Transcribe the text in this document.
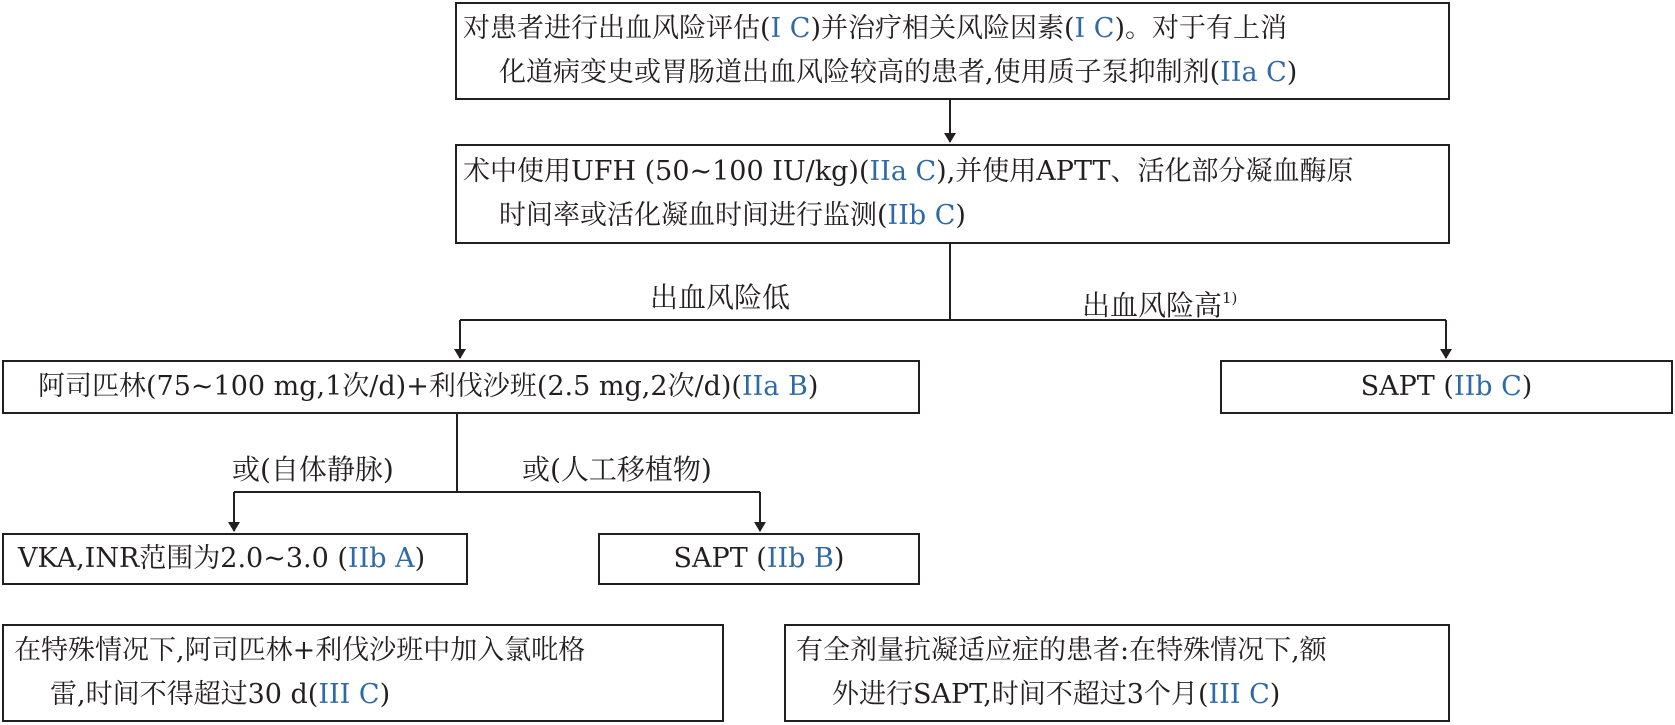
对患者进行出血风险评估(I C)并治疗相关风险因素(I C)。对于有上消

化道病变史或胃肠道出血风险较高的患者,使用质子泵抑制剂(IIa C)

术中使用UFH (50~100 IU/kg)(IIa C),并使用APTT、活化部分凝血酶原

时间率或活化凝血时间进行监测(IIb C)

出血风险低	出血风险高$^{1)}$

阿司匹林(75~100 mg,1次/d)+利伐沙班(2.5 mg,2次/d)(IIa B)	SAPT (IIb C)

或(自体静脉)	或(人工移植物)

VKA,INR范围为2.0~3.0 (IIb A)	SAPT (IIb B)

在特殊情况下,阿司匹林+利伐沙班中加入氯吡格

雷,时间不得超过30 d(III C)

有全剂量抗凝适应症的患者:在特殊情况下,额

外进行SAPT,时间不超过3个月(III C)
